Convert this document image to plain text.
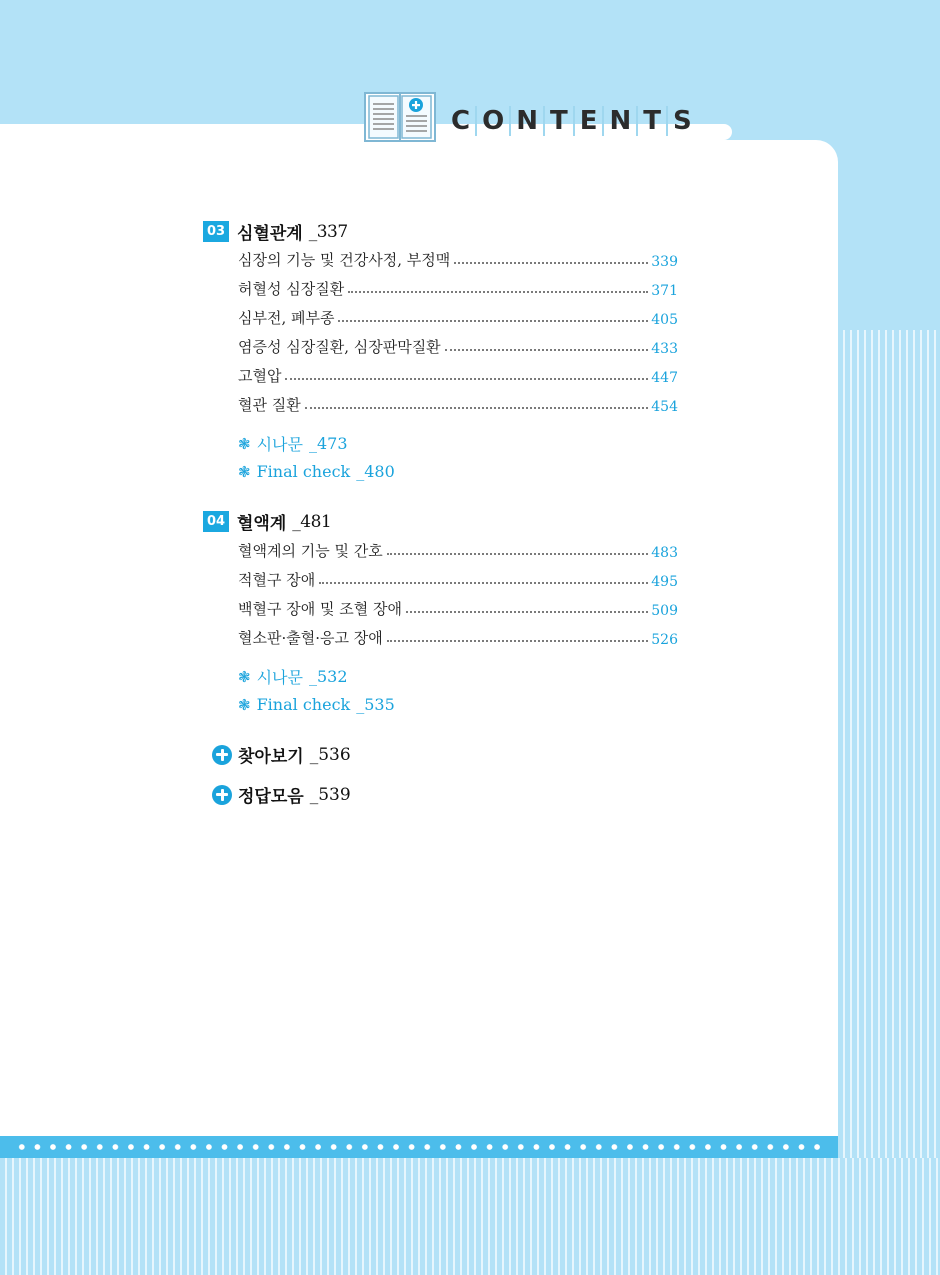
C O N T E N T S
03 심혈관계 _337
심장의 기능 및 건강사정, 부정맥	339
허혈성 심장질환	371
심부전, 폐부종	405
염증성 심장질환, 심장판막질환	433
고혈압	447
혈관 질환	454
❃ 시나문 _473
❃ Final check _480
04 혈액계 _481
혈액계의 기능 및 간호	483
적혈구 장애	495
백혈구 장애 및 조혈 장애	509
혈소판·출혈·응고 장애	526
❃ 시나문 _532
❃ Final check _535
찾아보기 _536
정답모음 _539
